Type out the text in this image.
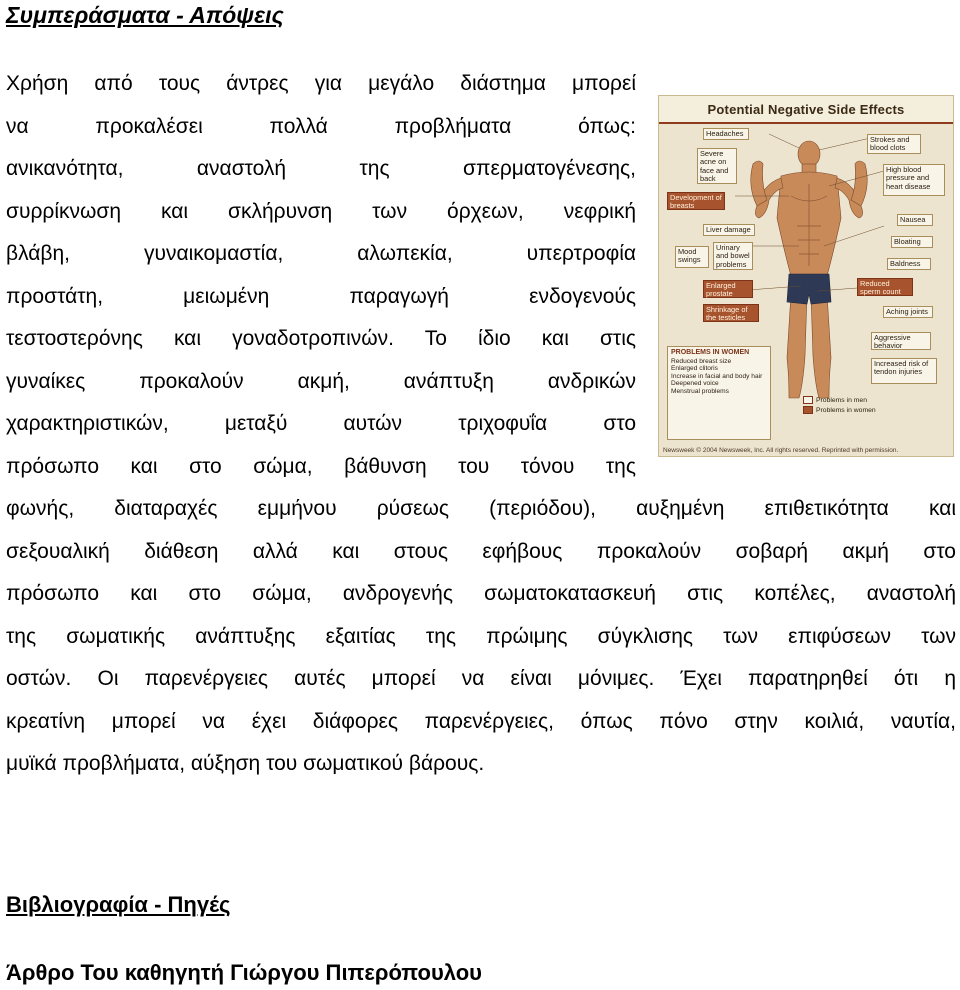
Συμπεράσματα - Απόψεις
Χρήση από τους άντρες για μεγάλο διάστημα μπορεί
να προκαλέσει πολλά προβλήματα όπως:
ανικανότητα, αναστολή της σπερματογένεσης,
συρρίκνωση και σκλήρυνση των όρχεων, νεφρική
βλάβη, γυναικομαστία, αλωπεκία, υπερτροφία
προστάτη, μειωμένη παραγωγή ενδογενούς
τεστοστερόνης και γοναδοτροπινών. Το ίδιο και στις
γυναίκες προκαλούν ακμή, ανάπτυξη ανδρικών
χαρακτηριστικών, μεταξύ αυτών τριχοφυΐα στο
πρόσωπο και στο σώμα, βάθυνση του τόνου της
φωνής, διαταραχές εμμήνου ρύσεως (περιόδου), αυξημένη επιθετικότητα και
σεξουαλική διάθεση αλλά και στους εφήβους προκαλούν σοβαρή ακμή στο
πρόσωπο και στο σώμα, ανδρογενής σωματοκατασκευή στις κοπέλες, αναστολή
της σωματικής ανάπτυξης εξαιτίας της πρώιμης σύγκλισης των επιφύσεων των
οστών. Οι παρενέργειες αυτές μπορεί να είναι μόνιμες. Έχει παρατηρηθεί ότι η
κρεατίνη μπορεί να έχει διάφορες παρενέργειες, όπως πόνο στην κοιλιά, ναυτία,
μυϊκά προβλήματα, αύξηση του σωματικού βάρους.
Potential Negative Side Effects
Headaches
Severe acne on face and back
Development of breasts
Liver damage
Mood swings
Urinary and bowel problems
Enlarged prostate
Shrinkage of the testicles
Strokes and blood clots
High blood pressure and heart disease
Nausea
Bloating
Baldness
Reduced sperm count
Aching joints
Aggressive behavior
Increased risk of tendon injuries
PROBLEMS IN WOMEN
Reduced breast size
Enlarged clitoris
Increase in facial and body hair
Deepened voice
Menstrual problems
Problems in men
Problems in women
Newsweek © 2004 Newsweek, Inc. All rights reserved. Reprinted with permission.
Βιβλιογραφία - Πηγές

Άρθρο Του καθηγητή Γιώργου Πιπερόπουλου
